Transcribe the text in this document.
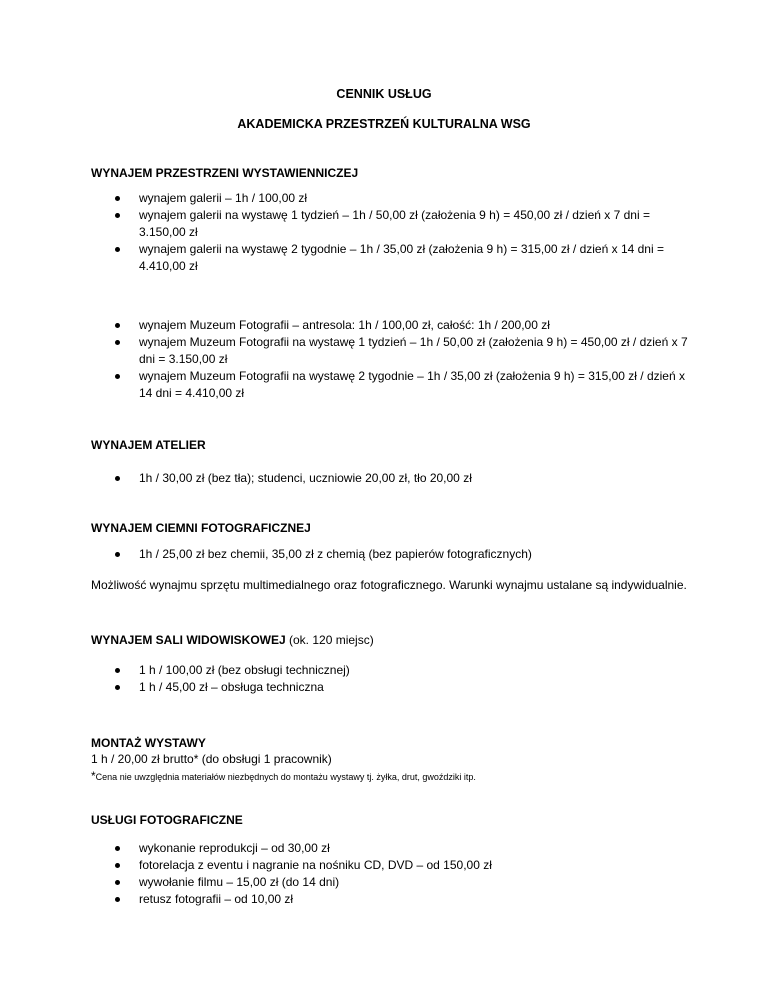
CENNIK USŁUG
AKADEMICKA PRZESTRZEŃ KULTURALNA WSG
WYNAJEM PRZESTRZENI WYSTAWIENNICZEJ
wynajem galerii – 1h / 100,00 zł
wynajem galerii na wystawę 1 tydzień – 1h / 50,00 zł (założenia 9 h) = 450,00 zł / dzień x 7 dni = 3.150,00 zł
wynajem galerii na wystawę 2 tygodnie – 1h / 35,00 zł (założenia 9 h) = 315,00 zł / dzień x 14 dni = 4.410,00 zł
wynajem Muzeum Fotografii – antresola: 1h / 100,00 zł, całość: 1h / 200,00 zł
wynajem Muzeum Fotografii na wystawę 1 tydzień – 1h / 50,00 zł (założenia 9 h) = 450,00 zł / dzień x 7 dni = 3.150,00 zł
wynajem Muzeum Fotografii na wystawę 2 tygodnie – 1h / 35,00 zł (założenia 9 h) = 315,00 zł / dzień x 14 dni = 4.410,00 zł
WYNAJEM ATELIER
1h / 30,00 zł (bez tła); studenci, uczniowie 20,00 zł, tło 20,00 zł
WYNAJEM CIEMNI FOTOGRAFICZNEJ
1h / 25,00 zł bez chemii, 35,00 zł z chemią (bez papierów fotograficznych)
Możliwość wynajmu sprzętu multimedialnego oraz fotograficznego. Warunki wynajmu ustalane są indywidualnie.
WYNAJEM SALI WIDOWISKOWEJ (ok. 120 miejsc)
1 h / 100,00 zł (bez obsługi technicznej)
1 h / 45,00 zł – obsługa techniczna
MONTAŻ WYSTAWY
1 h / 20,00 zł brutto* (do obsługi 1 pracownik)
*Cena nie uwzględnia materiałów niezbędnych do montażu wystawy tj. żyłka, drut, gwoździki itp.
USŁUGI FOTOGRAFICZNE
wykonanie reprodukcji – od 30,00 zł
fotorelacja z eventu i nagranie na nośniku CD, DVD – od 150,00 zł
wywołanie filmu – 15,00 zł (do 14 dni)
retusz fotografii – od 10,00 zł
